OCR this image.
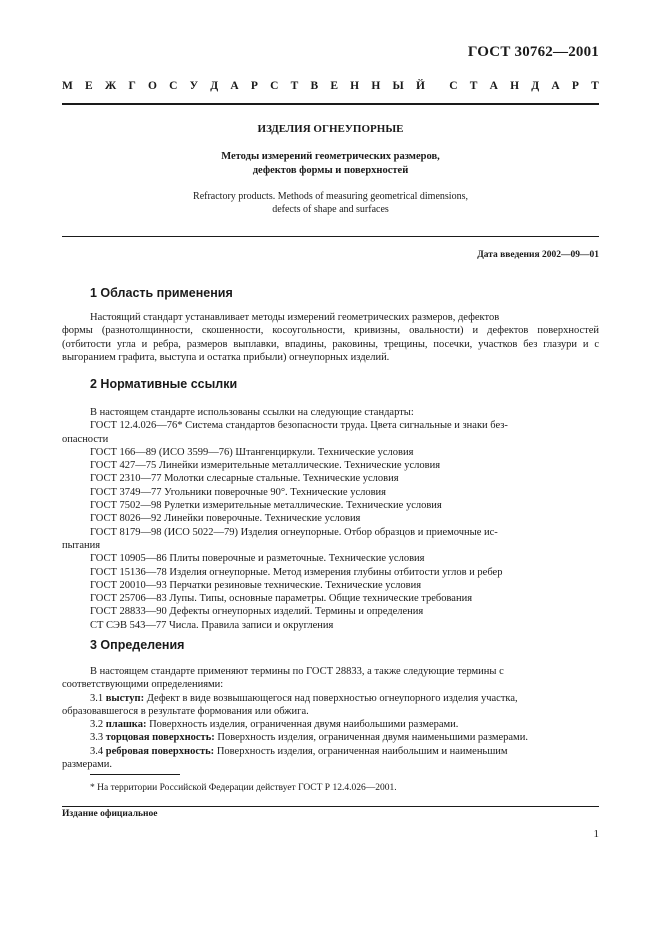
ГОСТ 30762—2001
М Е Ж Г О С У Д А Р С Т В Е Н Н Ы Й С Т А Н Д А Р Т
ИЗДЕЛИЯ ОГНЕУПОРНЫЕ
Методы измерений геометрических размеров,
дефектов формы и поверхностей
Refractory products. Methods of measuring geometrical dimensions,
defects of shape and surfaces
Дата введения 2002—09—01
1 Область применения

Настоящий стандарт устанавливает методы измерений геометрических размеров, дефектов

формы (разнотолщинности, скошенности, косоугольности, кривизны, овальности) и дефектов поверхностей (отбитости угла и ребра, размеров выплавки, впадины, раковины, трещины, посечки, участков без глазури и с выгоранием графита, выступа и остатка прибыли) огнеупорных изделий.

2 Нормативные ссылки

В настоящем стандарте использованы ссылки на следующие стандарты:

ГОСТ 12.4.026—76* Система стандартов безопасности труда. Цвета сигнальные и знаки без-

опасности

ГОСТ 166—89 (ИСО 3599—76) Штангенциркули. Технические условия

ГОСТ 427—75 Линейки измерительные металлические. Технические условия

ГОСТ 2310—77 Молотки слесарные стальные. Технические условия

ГОСТ 3749—77 Угольники поверочные 90°. Технические условия

ГОСТ 7502—98 Рулетки измерительные металлические. Технические условия

ГОСТ 8026—92 Линейки поверочные. Технические условия

ГОСТ 8179—98 (ИСО 5022—79) Изделия огнеупорные. Отбор образцов и приемочные ис-

пытания

ГОСТ 10905—86 Плиты поверочные и разметочные. Технические условия

ГОСТ 15136—78 Изделия огнеупорные. Метод измерения глубины отбитости углов и ребер

ГОСТ 20010—93 Перчатки резиновые технические. Технические условия

ГОСТ 25706—83 Лупы. Типы, основные параметры. Общие технические требования

ГОСТ 28833—90 Дефекты огнеупорных изделий. Термины и определения

СТ СЭВ 543—77 Числа. Правила записи и округления

3 Определения

В настоящем стандарте применяют термины по ГОСТ 28833, а также следующие термины с

соответствующими определениями:

3.1 выступ: Дефект в виде возвышающегося над поверхностью огнеупорного изделия участка,

образовавшегося в результате формования или обжига.

3.2 плашка: Поверхность изделия, ограниченная двумя наибольшими размерами.

3.3 торцовая поверхность: Поверхность изделия, ограниченная двумя наименьшими размерами.

3.4 ребровая поверхность: Поверхность изделия, ограниченная наибольшим и наименьшим

размерами.

* На территории Российской Федерации действует ГОСТ Р 12.4.026—2001.
Издание официальное
1
